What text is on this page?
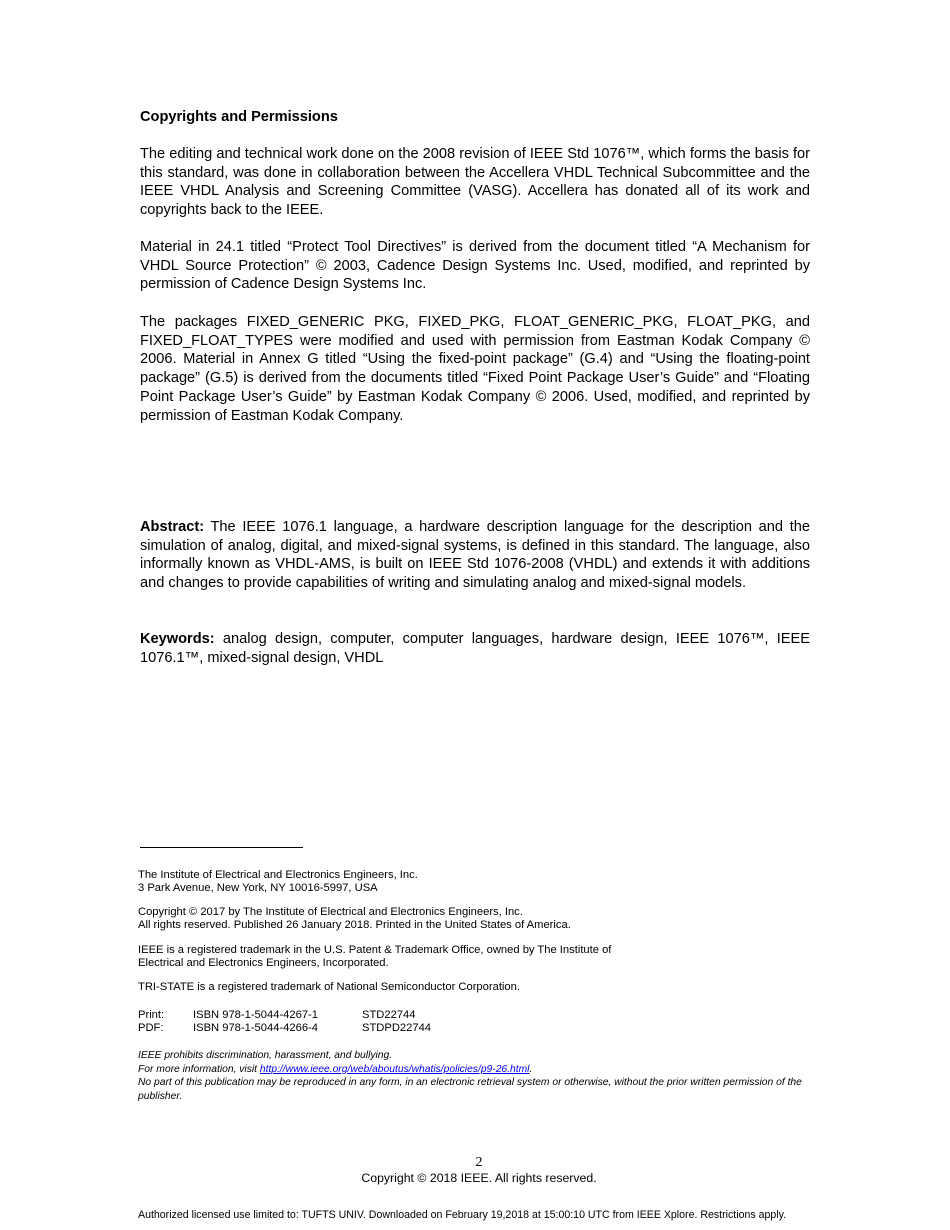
Copyrights and Permissions

The editing and technical work done on the 2008 revision of IEEE Std 1076™, which forms the basis for this standard, was done in collaboration between the Accellera VHDL Technical Subcommittee and the IEEE VHDL Analysis and Screening Committee (VASG). Accellera has donated all of its work and copyrights back to the IEEE.

Material in 24.1 titled “Protect Tool Directives” is derived from the document titled “A Mechanism for VHDL Source Protection” © 2003, Cadence Design Systems Inc. Used, modified, and reprinted by permission of Cadence Design Systems Inc.

The packages FIXED_GENERIC PKG, FIXED_PKG, FLOAT_GENERIC_PKG, FLOAT_PKG, and FIXED_FLOAT_TYPES were modified and used with permission from Eastman Kodak Company © 2006. Material in Annex G titled “Using the fixed-point package” (G.4) and “Using the floating-point package” (G.5) is derived from the documents titled “Fixed Point Package User’s Guide” and “Floating Point Package User’s Guide” by Eastman Kodak Company © 2006. Used, modified, and reprinted by permission of Eastman Kodak Company.

Abstract: The IEEE 1076.1 language, a hardware description language for the description and the simulation of analog, digital, and mixed-signal systems, is defined in this standard. The language, also informally known as VHDL-AMS, is built on IEEE Std 1076-2008 (VHDL) and extends it with additions and changes to provide capabilities of writing and simulating analog and mixed-signal models.

Keywords: analog design, computer, computer languages, hardware design, IEEE 1076™, IEEE 1076.1™, mixed-signal design, VHDL

The Institute of Electrical and Electronics Engineers, Inc.
3 Park Avenue, New York, NY 10016-5997, USA
Copyright © 2017 by The Institute of Electrical and Electronics Engineers, Inc.
All rights reserved. Published 26 January 2018. Printed in the United States of America.
IEEE is a registered trademark in the U.S. Patent & Trademark Office, owned by The Institute of
Electrical and Electronics Engineers, Incorporated.
TRI-STATE is a registered trademark of National Semiconductor Corporation.
Print:	ISBN 978-1-5044-4267-1	STD22744
PDF:	ISBN 978-1-5044-4266-4	STDPD22744
IEEE prohibits discrimination, harassment, and bullying.
For more information, visit http://www.ieee.org/web/aboutus/whatis/policies/p9-26.html.
No part of this publication may be reproduced in any form, in an electronic retrieval system or otherwise, without the prior written permission of the publisher.
2
Copyright © 2018 IEEE. All rights reserved.
Authorized licensed use limited to: TUFTS UNIV. Downloaded on February 19,2018 at 15:00:10 UTC from IEEE Xplore. Restrictions apply.
